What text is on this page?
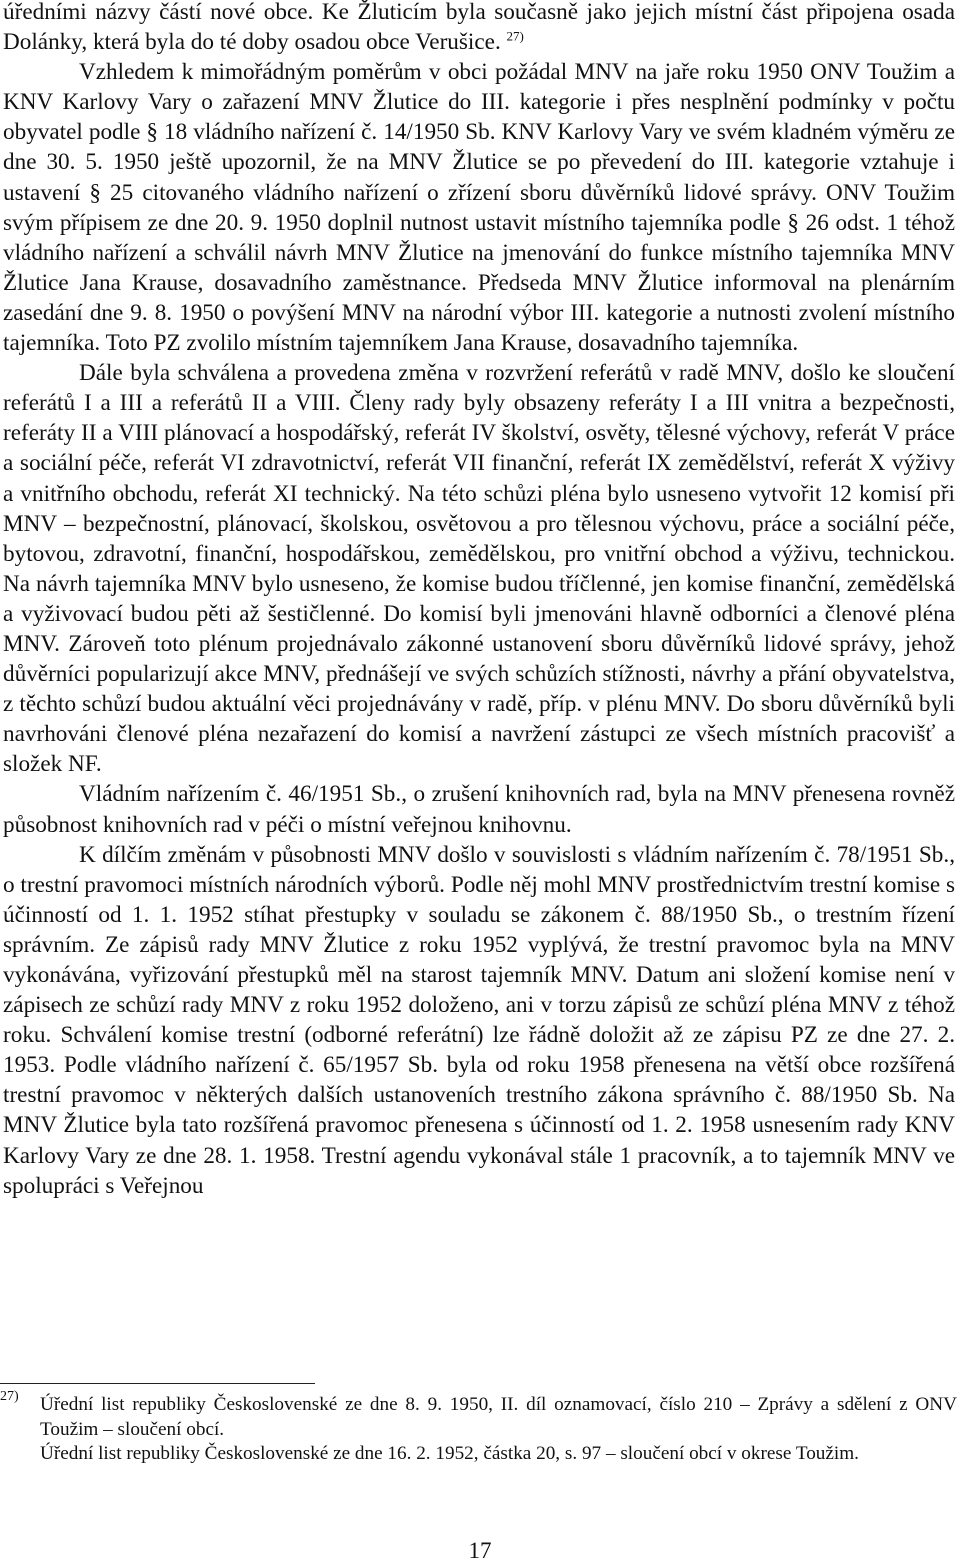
úředními názvy částí nové obce. Ke Žluticím byla současně jako jejich místní část připojena osada Dolánky, která byla do té doby osadou obce Verušice. $^{27)}$

Vzhledem k mimořádným poměrům v obci požádal MNV na jaře roku 1950 ONV Toužim a KNV Karlovy Vary o zařazení MNV Žlutice do III. kategorie i přes nesplnění podmínky v počtu obyvatel podle § 18 vládního nařízení č. 14/1950 Sb. KNV Karlovy Vary ve svém kladném výměru ze dne 30. 5. 1950 ještě upozornil, že na MNV Žlutice se po převedení do III. kategorie vztahuje i ustavení § 25 citovaného vládního nařízení o zřízení sboru důvěrníků lidové správy. ONV Toužim svým přípisem ze dne 20. 9. 1950 doplnil nutnost ustavit místního tajemníka podle § 26 odst. 1 téhož vládního nařízení a schválil návrh MNV Žlutice na jmenování do funkce místního tajemníka MNV Žlutice Jana Krause, dosavadního zaměstnance. Předseda MNV Žlutice informoval na plenárním zasedání dne 9. 8. 1950 o povýšení MNV na národní výbor III. kategorie a nutnosti zvolení místního tajemníka. Toto PZ zvolilo místním tajemníkem Jana Krause, dosavadního tajemníka.

Dále byla schválena a provedena změna v rozvržení referátů v radě MNV, došlo ke sloučení referátů I a III a referátů II a VIII. Členy rady byly obsazeny referáty I a III vnitra a bezpečnosti, referáty II a VIII plánovací a hospodářský, referát IV školství, osvěty, tělesné výchovy, referát V práce a sociální péče, referát VI zdravotnictví, referát VII finanční, referát IX zemědělství, referát X výživy a vnitřního obchodu, referát XI technický. Na této schůzi pléna bylo usneseno vytvořit 12 komisí při MNV – bezpečnostní, plánovací, školskou, osvětovou a pro tělesnou výchovu, práce a sociální péče, bytovou, zdravotní, finanční, hospodářskou, zemědělskou, pro vnitřní obchod a výživu, technickou. Na návrh tajemníka MNV bylo usneseno, že komise budou tříčlenné, jen komise finanční, zemědělská a vyživovací budou pěti až šestičlenné. Do komisí byli jmenováni hlavně odborníci a členové pléna MNV. Zároveň toto plénum projednávalo zákonné ustanovení sboru důvěrníků lidové správy, jehož důvěrníci popularizují akce MNV, přednášejí ve svých schůzích stížnosti, návrhy a přání obyvatelstva, z těchto schůzí budou aktuální věci projednávány v radě, příp. v plénu MNV. Do sboru důvěrníků byli navrhováni členové pléna nezařazení do komisí a navržení zástupci ze všech místních pracovišť a složek NF.

Vládním nařízením č. 46/1951 Sb., o zrušení knihovních rad, byla na MNV přenesena rovněž působnost knihovních rad v péči o místní veřejnou knihovnu.

K dílčím změnám v působnosti MNV došlo v souvislosti s vládním nařízením č. 78/1951 Sb., o trestní pravomoci místních národních výborů. Podle něj mohl MNV prostřednictvím trestní komise s účinností od 1. 1. 1952 stíhat přestupky v souladu se zákonem č. 88/1950 Sb., o trestním řízení správním. Ze zápisů rady MNV Žlutice z roku 1952 vyplývá, že trestní pravomoc byla na MNV vykonávána, vyřizování přestupků měl na starost tajemník MNV. Datum ani složení komise není v zápisech ze schůzí rady MNV z roku 1952 doloženo, ani v torzu zápisů ze schůzí pléna MNV z téhož roku. Schválení komise trestní (odborné referátní) lze řádně doložit až ze zápisu PZ ze dne 27. 2. 1953. Podle vládního nařízení č. 65/1957 Sb. byla od roku 1958 přenesena na větší obce rozšířená trestní pravomoc v některých dalších ustanoveních trestního zákona správního č. 88/1950 Sb. Na MNV Žlutice byla tato rozšířená pravomoc přenesena s účinností od 1. 2. 1958 usnesením rady KNV Karlovy Vary ze dne 28. 1. 1958. Trestní agendu vykonával stále 1 pracovník, a to tajemník MNV ve spolupráci s Veřejnou

27) Úřední list republiky Československé ze dne 8. 9. 1950, II. díl oznamovací, číslo 210 – Zprávy a sdělení z ONV Toužim – sloučení obcí.

Úřední list republiky Československé ze dne 16. 2. 1952, částka 20, s. 97 – sloučení obcí v okrese Toužim.

17
